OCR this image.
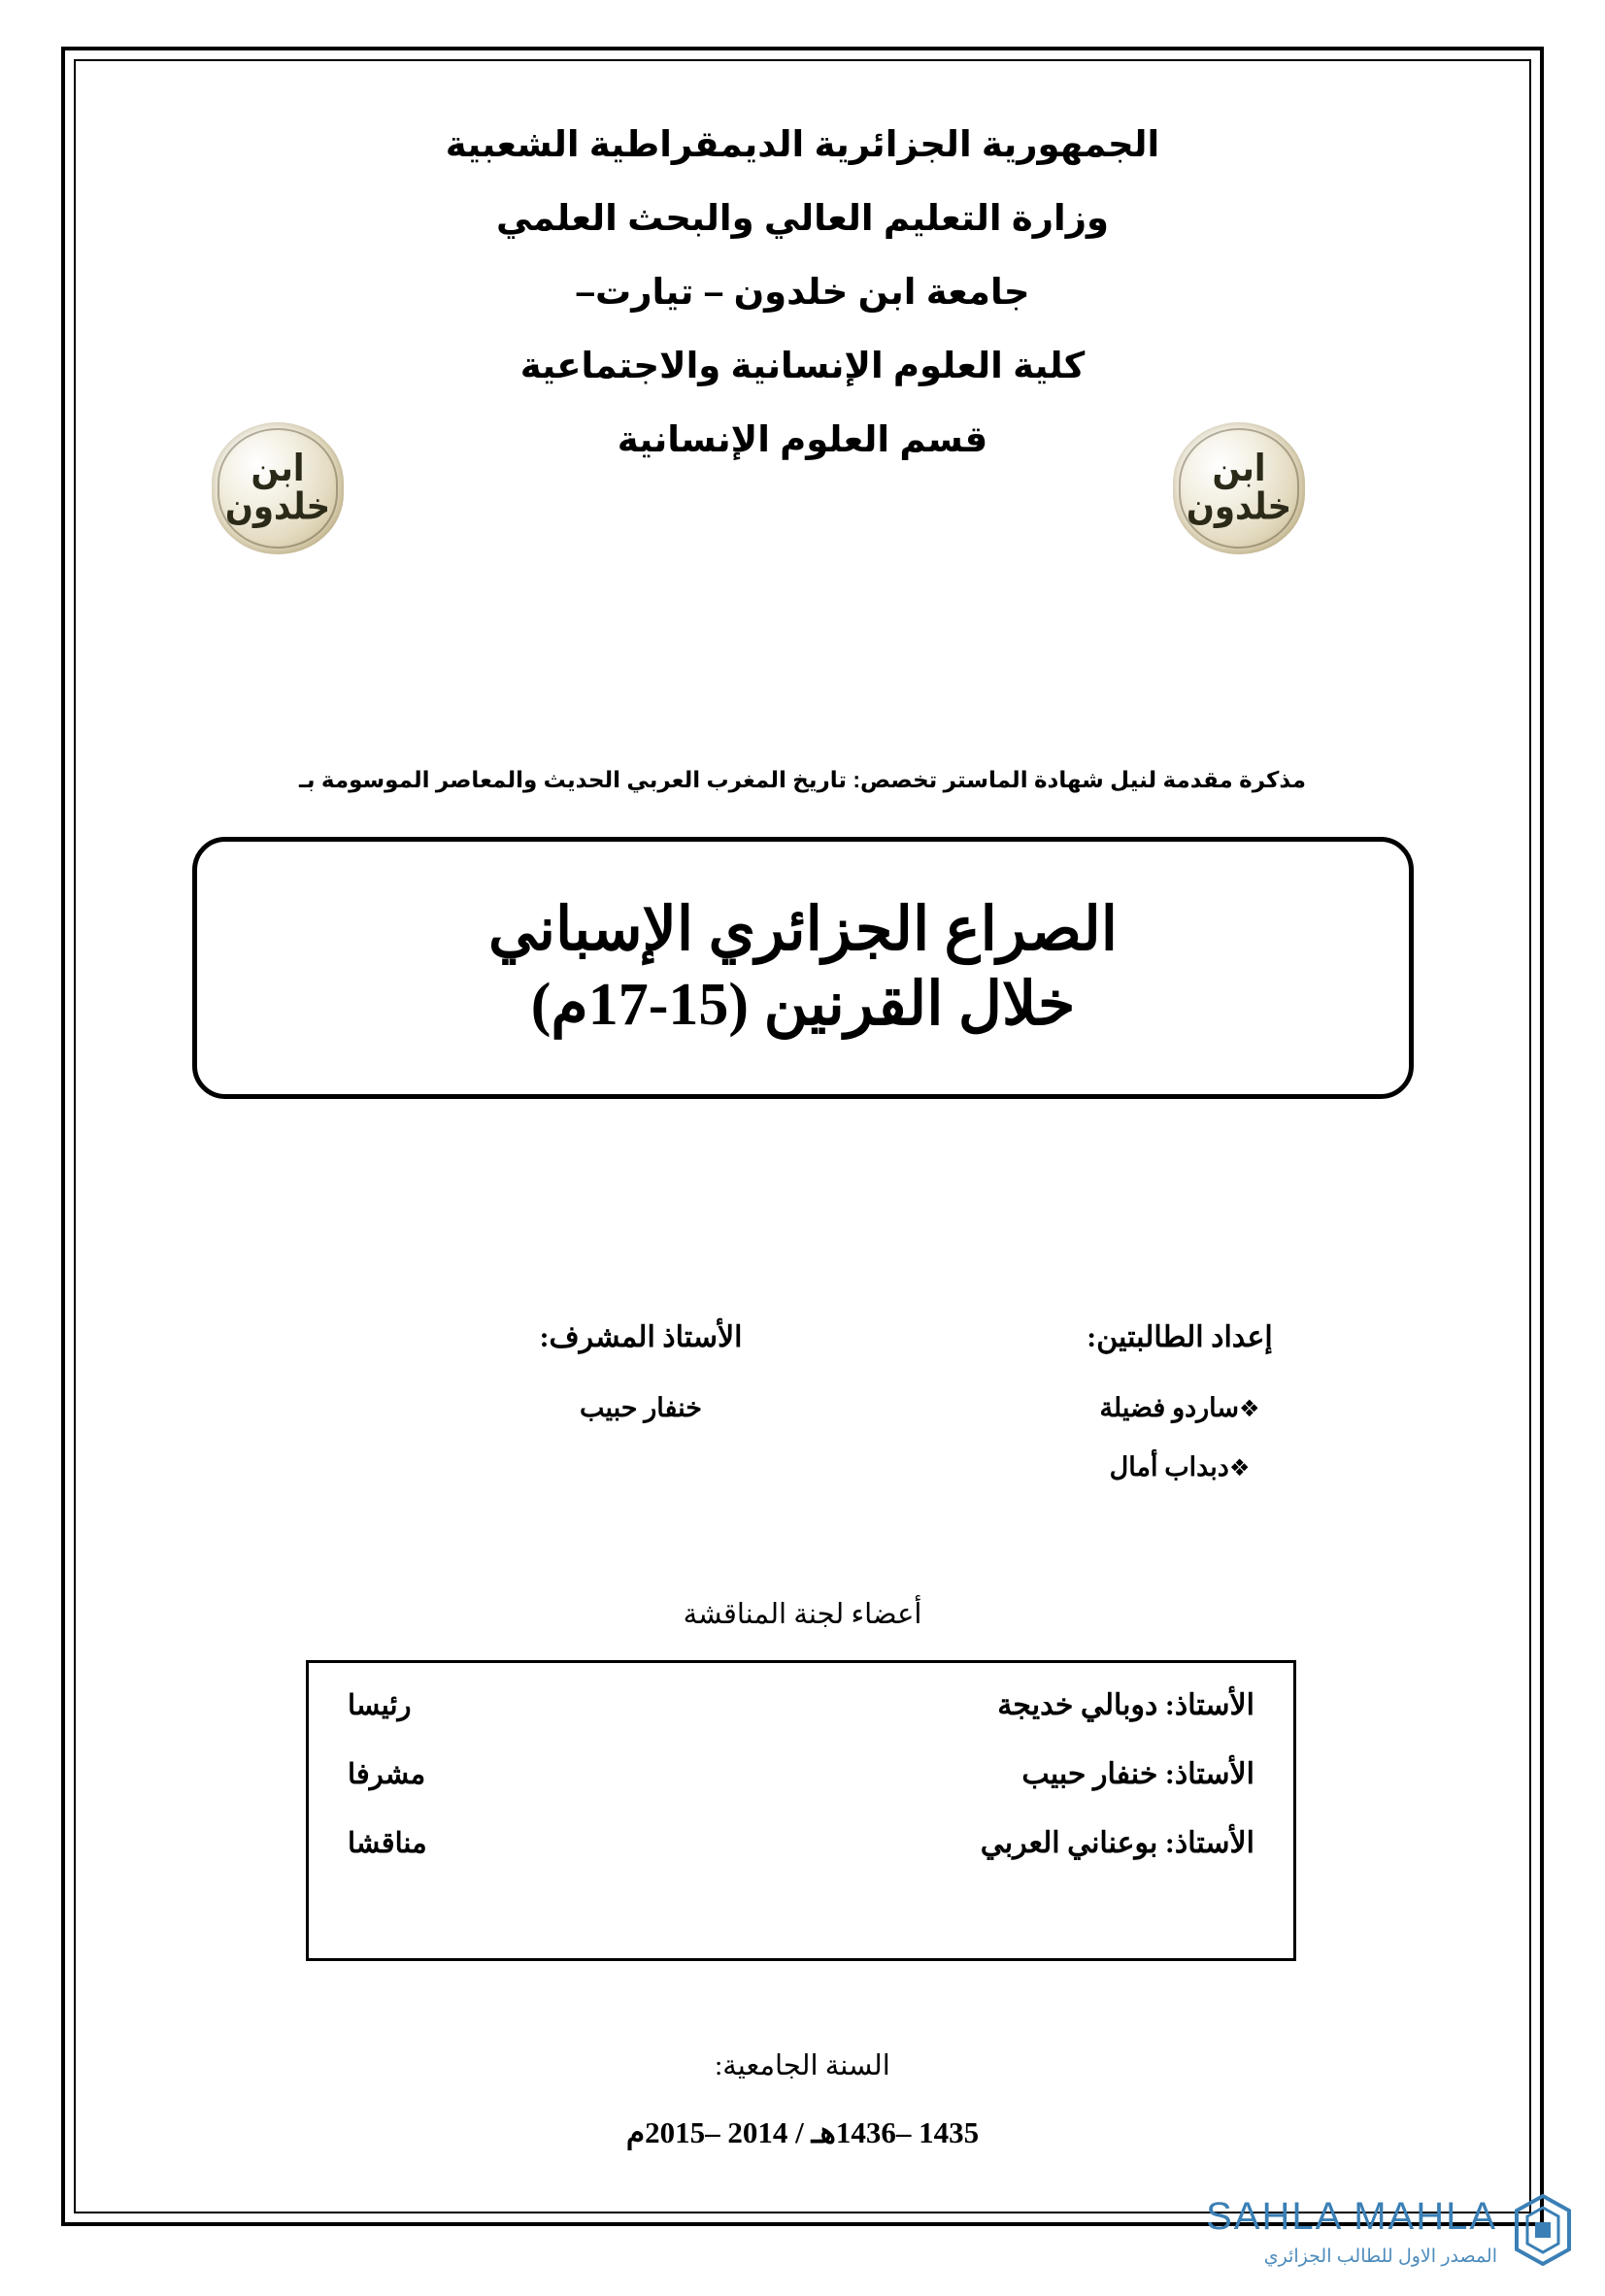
ابن خلدون
ابن خلدون
الجمهورية الجزائرية الديمقراطية الشعبية
وزارة التعليم العالي والبحث العلمي
جامعة ابن خلدون – تيارت–
كلية العلوم الإنسانية والاجتماعية
قسم العلوم الإنسانية
مذكرة مقدمة لنيل شهادة الماستر تخصص: تاريخ المغرب العربي الحديث والمعاصر الموسومة بـ
الصراع الجزائري الإسباني
خلال القرنين (15-17م)
إعداد الطالبتين:
❖ساردو فضيلة
❖دبداب أمال
الأستاذ المشرف:
خنفار حبيب
أعضاء لجنة المناقشة
الأستاذ: دوبالي خديجة
رئيسا
الأستاذ: خنفار حبيب
مشرفا
الأستاذ: بوعناني العربي
مناقشا
السنة الجامعية:
1435 –1436هـ / 2014 –2015م
SAHLA MAHLA
المصدر الاول للطالب الجزائري
